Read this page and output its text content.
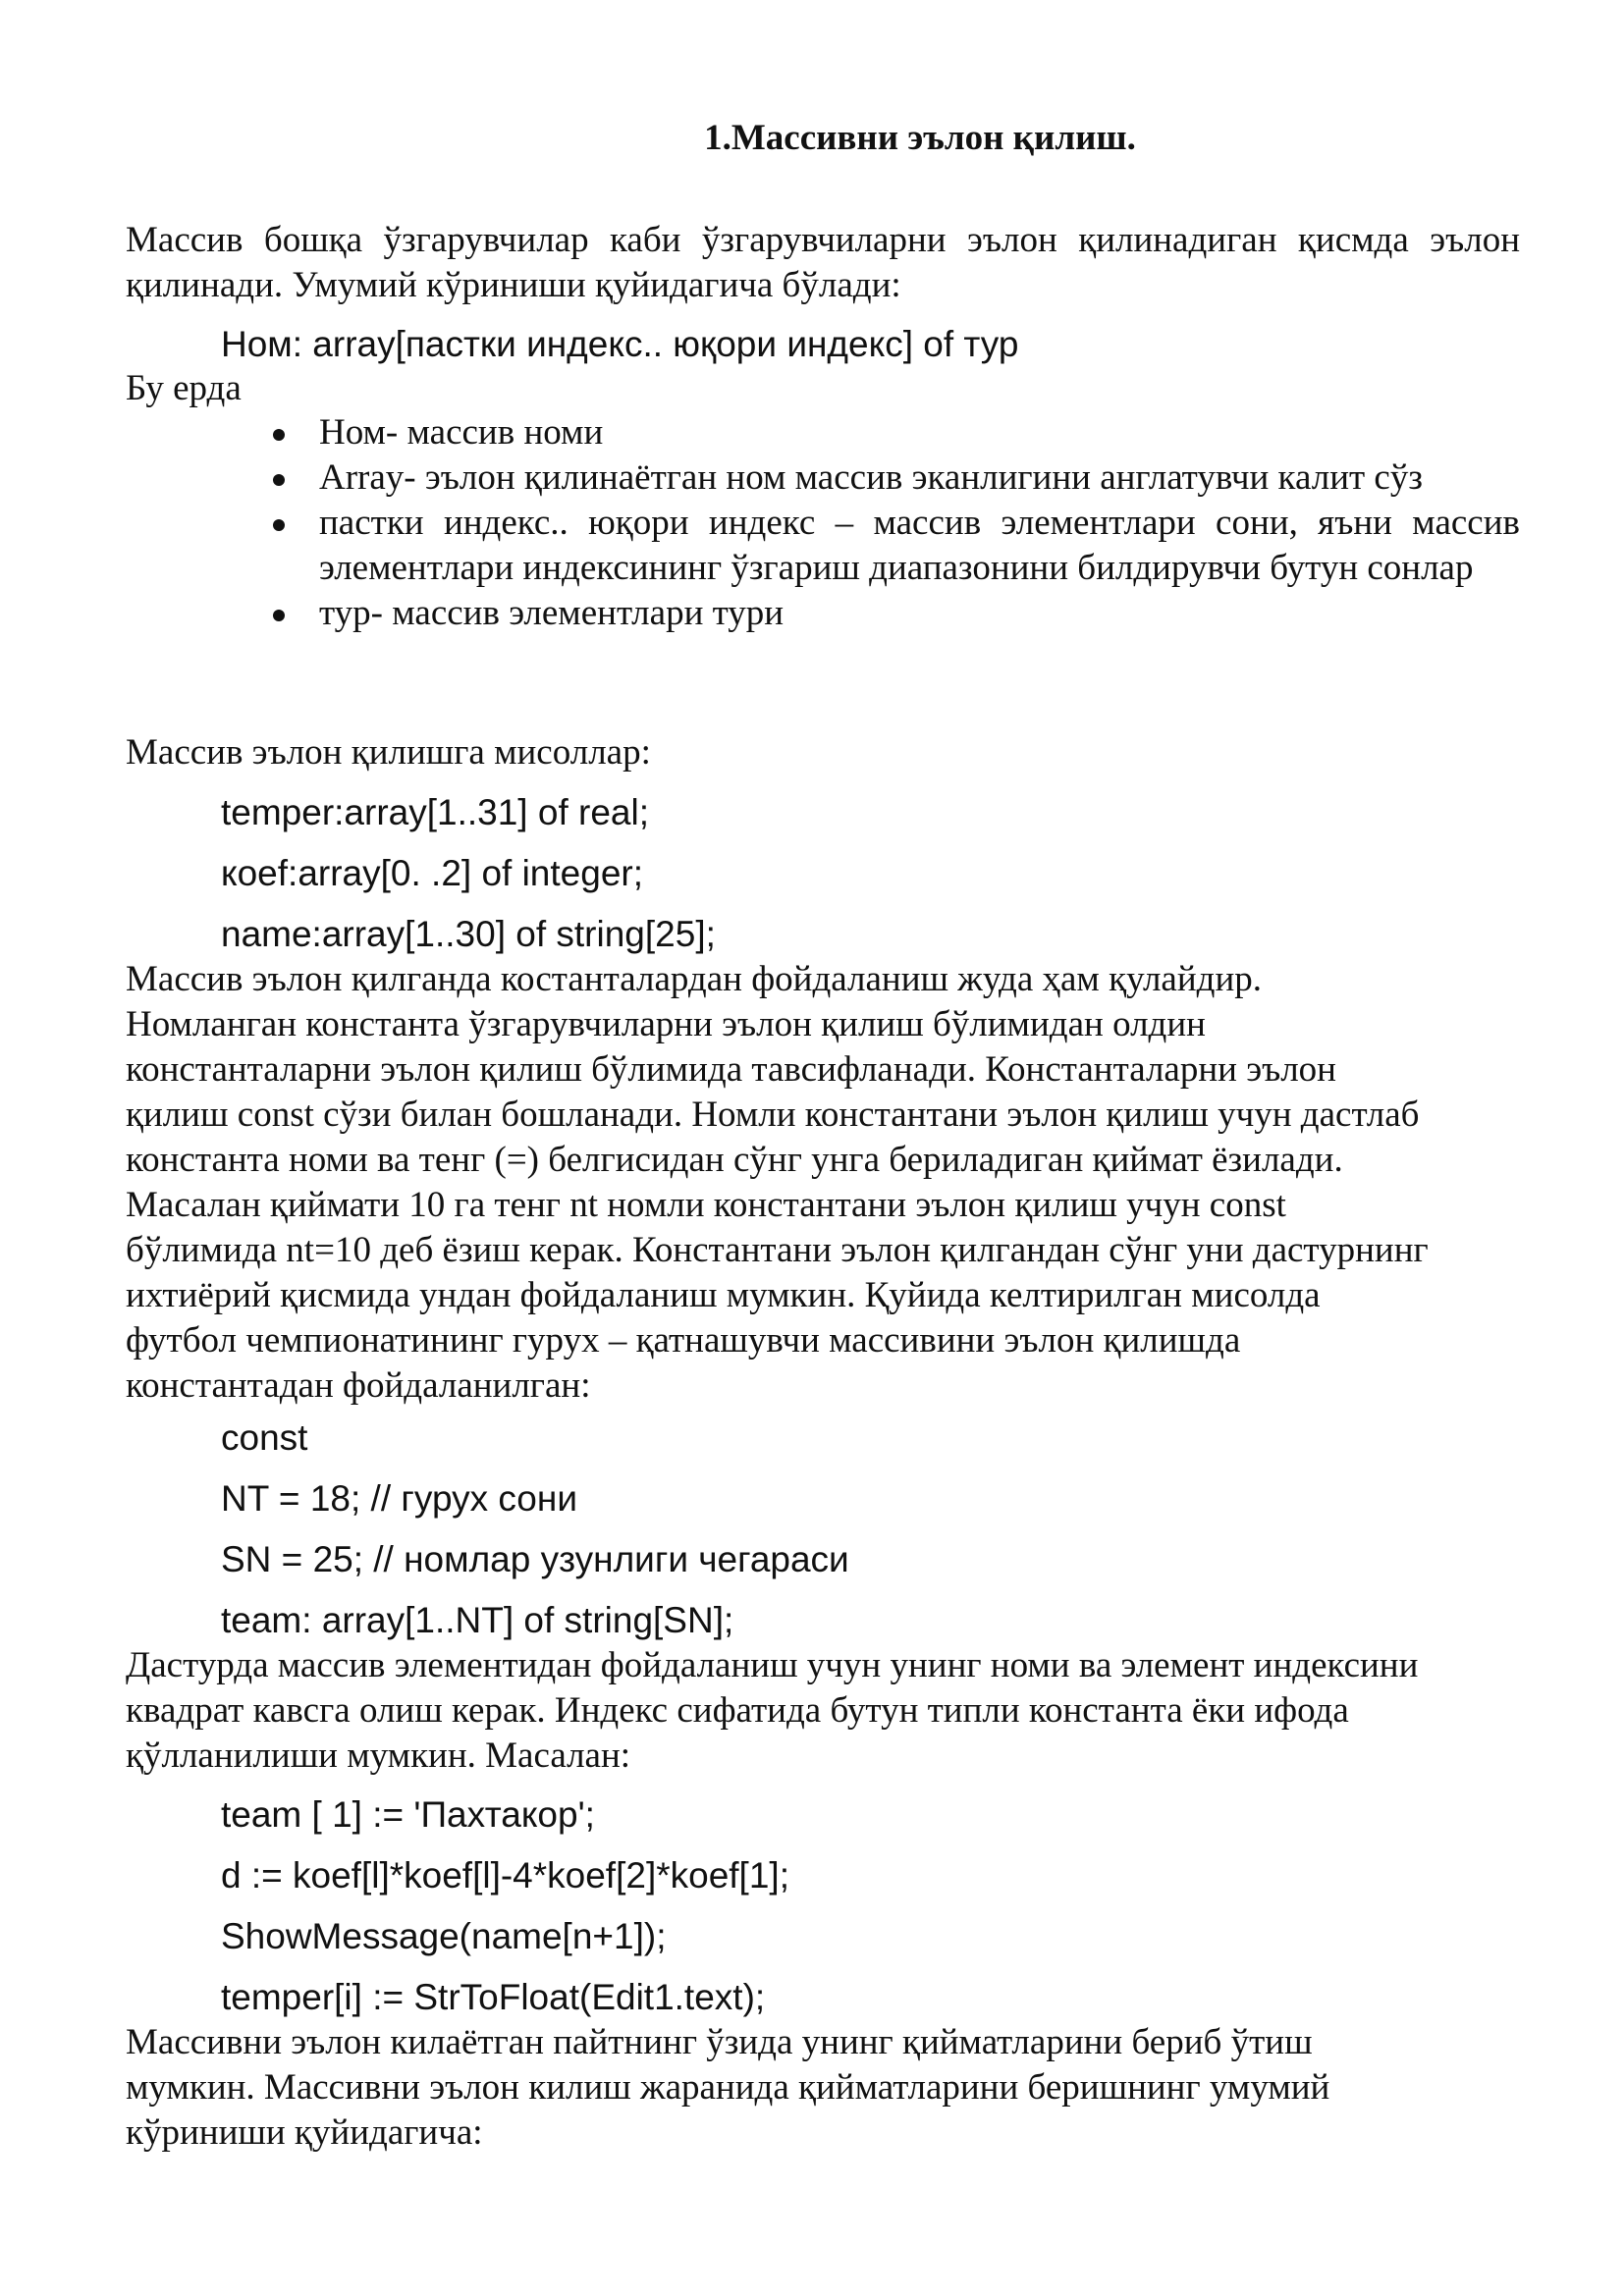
1.Массивни эълон қилиш.

Массив бошқа ўзгарувчилар каби ўзгарувчиларни эълон қилинадиган қисмда эълон қилинади. Умумий кўриниши қуйидагича бўлади:

Ном: array[пастки индекс.. юқори индекс] of тур

Бу ерда

Ном- массив номи
Array- эълон қилинаётган ном массив эканлигини англатувчи калит сўз
пастки индекс.. юқори индекс – массив элементлари сони, яъни массив элементлари индексининг ўзгариш диапазонини билдирувчи бутун сонлар
тур- массив элементлари тури

Массив эълон қилишга мисоллар:

temper:array[1..31] of real;
коef:array[0. .2] of integer;
name:array[1..30] of string[25];
Массив эълон қилганда костанталардан фойдаланиш жуда ҳам қулайдир.
Номланган константа ўзгарувчиларни эълон қилиш бўлимидан олдин
константаларни эълон қилиш бўлимида тавсифланади. Константаларни эълон
қилиш const сўзи билан бошланади. Номли константани эълон қилиш учун дастлаб
константа номи ва тенг (=) белгисидан сўнг унга бериладиган қиймат ёзилади.
Масалан қиймати 10 га тенг nt номли константани эълон қилиш учун const
бўлимида nt=10 деб ёзиш керак. Константани эълон қилгандан сўнг уни дастурнинг
ихтиёрий қисмида ундан фойдаланиш мумкин. Қуйида келтирилган мисолда
футбол чемпионатининг гурух – қатнашувчи массивини эълон қилишда
константадан фойдаланилган:
const
NT = 18; // гурух сони
SN = 25; // номлар узунлиги чегараси
team: array[1..NT] of string[SN];
Дастурда массив элементидан фойдаланиш учун унинг номи ва элемент индексини
квадрат кавсга олиш керак. Индекс сифатида бутун типли константа ёки ифода
қўлланилиши мумкин. Масалан:
team [ 1] := 'Пахтакор';
d := koef[l]*koef[l]-4*koef[2]*koef[1];
ShowMessage(name[n+1]);
temper[i] := StrToFloat(Edit1.text);
Массивни эълон килаётган пайтнинг ўзида унинг қийматларини бериб ўтиш
мумкин. Массивни эълон килиш жаранида қийматларини беришнинг умумий
кўриниши қуйидагича:
